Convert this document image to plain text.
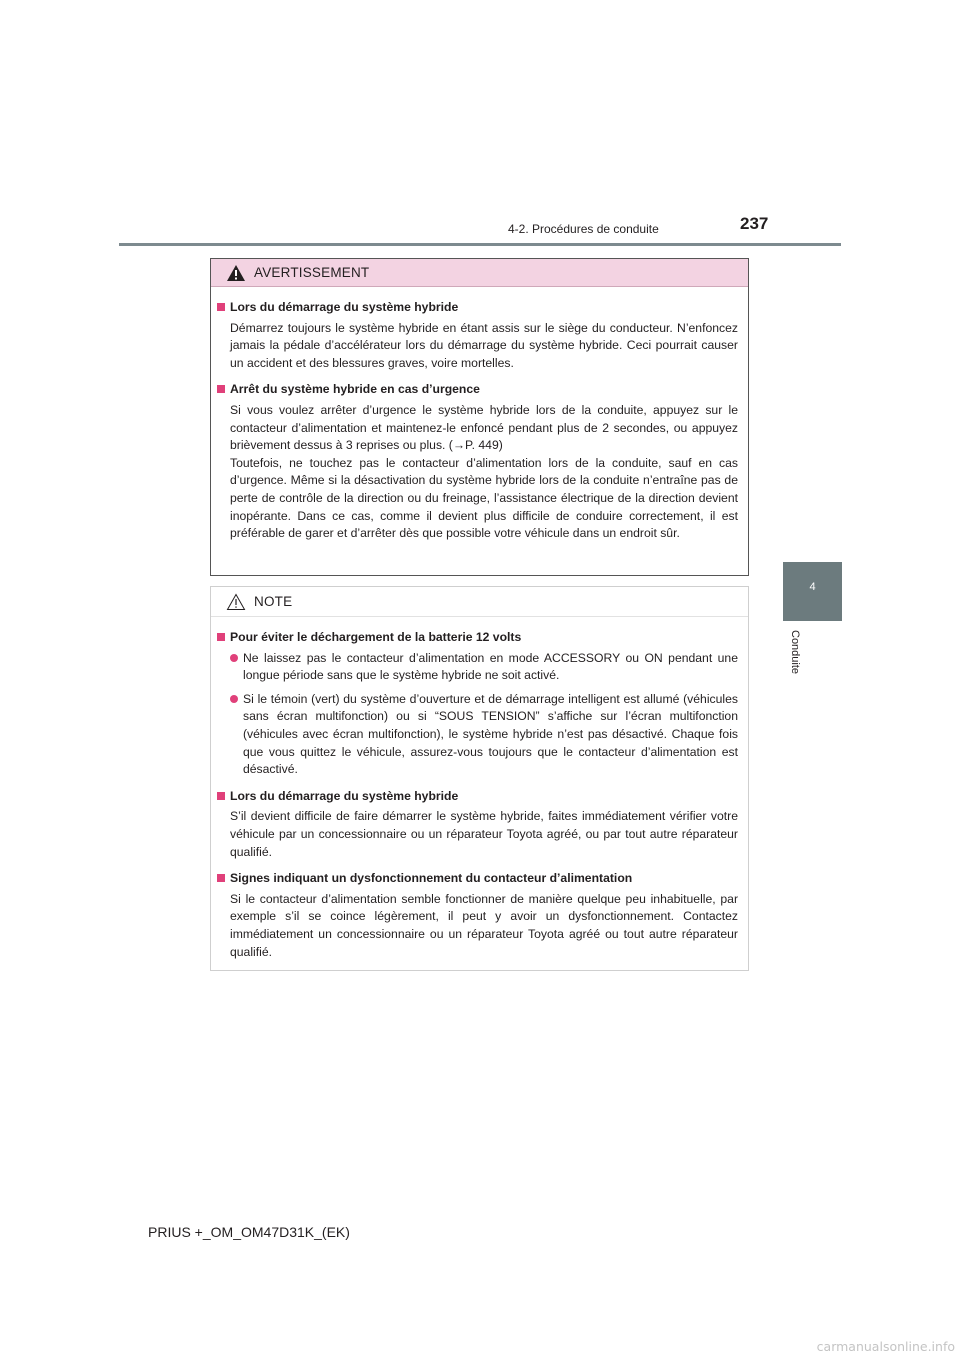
4-2. Procédures de conduite	237
4
Conduite
AVERTISSEMENT
Lors du démarrage du système hybride
Démarrez toujours le système hybride en étant assis sur le siège du conducteur. N’enfoncez jamais la pédale d’accélérateur lors du démarrage du système hybride. Ceci pourrait causer un accident et des blessures graves, voire mortelles.
Arrêt du système hybride en cas d’urgence
Si vous voulez arrêter d’urgence le système hybride lors de la conduite, appuyez sur le contacteur d’alimentation et maintenez-le enfoncé pendant plus de 2 secondes, ou appuyez brièvement dessus à 3 reprises ou plus. (→P. 449)
Toutefois, ne touchez pas le contacteur d’alimentation lors de la conduite, sauf en cas d’urgence. Même si la désactivation du système hybride lors de la conduite n’entraîne pas de perte de contrôle de la direction ou du freinage, l’assistance électrique de la direction devient inopérante. Dans ce cas, comme il devient plus difficile de conduire correctement, il est préférable de garer et d’arrêter dès que possible votre véhicule dans un endroit sûr.
NOTE
Pour éviter le déchargement de la batterie 12 volts
Ne laissez pas le contacteur d’alimentation en mode ACCESSORY ou ON pendant une longue période sans que le système hybride ne soit activé.
Si le témoin (vert) du système d’ouverture et de démarrage intelligent est allumé (véhicules sans écran multifonction) ou si “SOUS TENSION” s’affiche sur l’écran multifonction (véhicules avec écran multifonction), le système hybride n’est pas désactivé. Chaque fois que vous quittez le véhicule, assurez-vous toujours que le contacteur d’alimentation est désactivé.
Lors du démarrage du système hybride
S’il devient difficile de faire démarrer le système hybride, faites immédiatement vérifier votre véhicule par un concessionnaire ou un réparateur Toyota agréé, ou par tout autre réparateur qualifié.
Signes indiquant un dysfonctionnement du contacteur d’alimentation
Si le contacteur d’alimentation semble fonctionner de manière quelque peu inhabituelle, par exemple s’il se coince légèrement, il peut y avoir un dysfonctionnement. Contactez immédiatement un concessionnaire ou un réparateur Toyota agréé ou tout autre réparateur qualifié.
PRIUS +_OM_OM47D31K_(EK)
carmanualsonline.info
